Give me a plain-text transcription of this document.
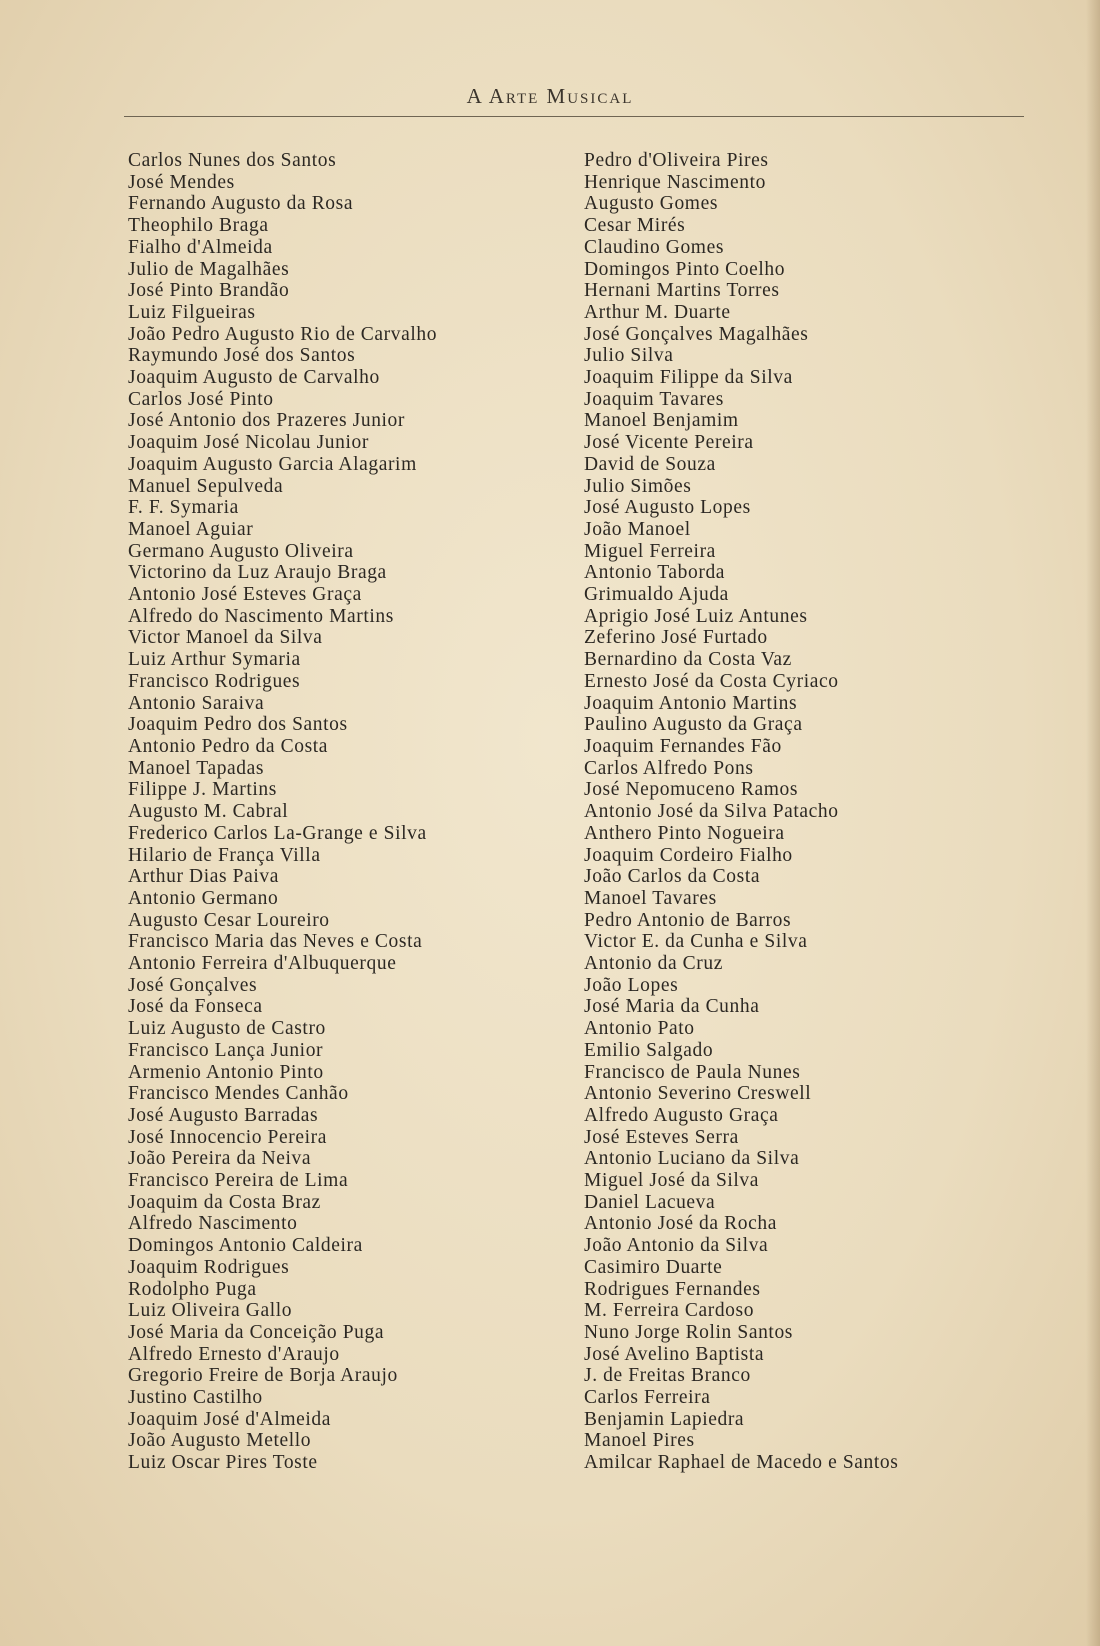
A Arte Musical
Carlos Nunes dos Santos
José Mendes
Fernando Augusto da Rosa
Theophilo Braga
Fialho d'Almeida
Julio de Magalhães
José Pinto Brandão
Luiz Filgueiras
João Pedro Augusto Rio de Carvalho
Raymundo José dos Santos
Joaquim Augusto de Carvalho
Carlos José Pinto
José Antonio dos Prazeres Junior
Joaquim José Nicolau Junior
Joaquim Augusto Garcia Alagarim
Manuel Sepulveda
F. F. Symaria
Manoel Aguiar
Germano Augusto Oliveira
Victorino da Luz Araujo Braga
Antonio José Esteves Graça
Alfredo do Nascimento Martins
Victor Manoel da Silva
Luiz Arthur Symaria
Francisco Rodrigues
Antonio Saraiva
Joaquim Pedro dos Santos
Antonio Pedro da Costa
Manoel Tapadas
Filippe J. Martins
Augusto M. Cabral
Frederico Carlos La-Grange e Silva
Hilario de França Villa
Arthur Dias Paiva
Antonio Germano
Augusto Cesar Loureiro
Francisco Maria das Neves e Costa
Antonio Ferreira d'Albuquerque
José Gonçalves
José da Fonseca
Luiz Augusto de Castro
Francisco Lança Junior
Armenio Antonio Pinto
Francisco Mendes Canhão
José Augusto Barradas
José Innocencio Pereira
João Pereira da Neiva
Francisco Pereira de Lima
Joaquim da Costa Braz
Alfredo Nascimento
Domingos Antonio Caldeira
Joaquim Rodrigues
Rodolpho Puga
Luiz Oliveira Gallo
José Maria da Conceição Puga
Alfredo Ernesto d'Araujo
Gregorio Freire de Borja Araujo
Justino Castilho
Joaquim José d'Almeida
João Augusto Metello
Luiz Oscar Pires Toste
Pedro d'Oliveira Pires
Henrique Nascimento
Augusto Gomes
Cesar Mirés
Claudino Gomes
Domingos Pinto Coelho
Hernani Martins Torres
Arthur M. Duarte
José Gonçalves Magalhães
Julio Silva
Joaquim Filippe da Silva
Joaquim Tavares
Manoel Benjamim
José Vicente Pereira
David de Souza
Julio Simões
José Augusto Lopes
João Manoel
Miguel Ferreira
Antonio Taborda
Grimualdo Ajuda
Aprigio José Luiz Antunes
Zeferino José Furtado
Bernardino da Costa Vaz
Ernesto José da Costa Cyriaco
Joaquim Antonio Martins
Paulino Augusto da Graça
Joaquim Fernandes Fão
Carlos Alfredo Pons
José Nepomuceno Ramos
Antonio José da Silva Patacho
Anthero Pinto Nogueira
Joaquim Cordeiro Fialho
João Carlos da Costa
Manoel Tavares
Pedro Antonio de Barros
Victor E. da Cunha e Silva
Antonio da Cruz
João Lopes
José Maria da Cunha
Antonio Pato
Emilio Salgado
Francisco de Paula Nunes
Antonio Severino Creswell
Alfredo Augusto Graça
José Esteves Serra
Antonio Luciano da Silva
Miguel José da Silva
Daniel Lacueva
Antonio José da Rocha
João Antonio da Silva
Casimiro Duarte
Rodrigues Fernandes
M. Ferreira Cardoso
Nuno Jorge Rolin Santos
José Avelino Baptista
J. de Freitas Branco
Carlos Ferreira
Benjamin Lapiedra
Manoel Pires
Amilcar Raphael de Macedo e Santos
